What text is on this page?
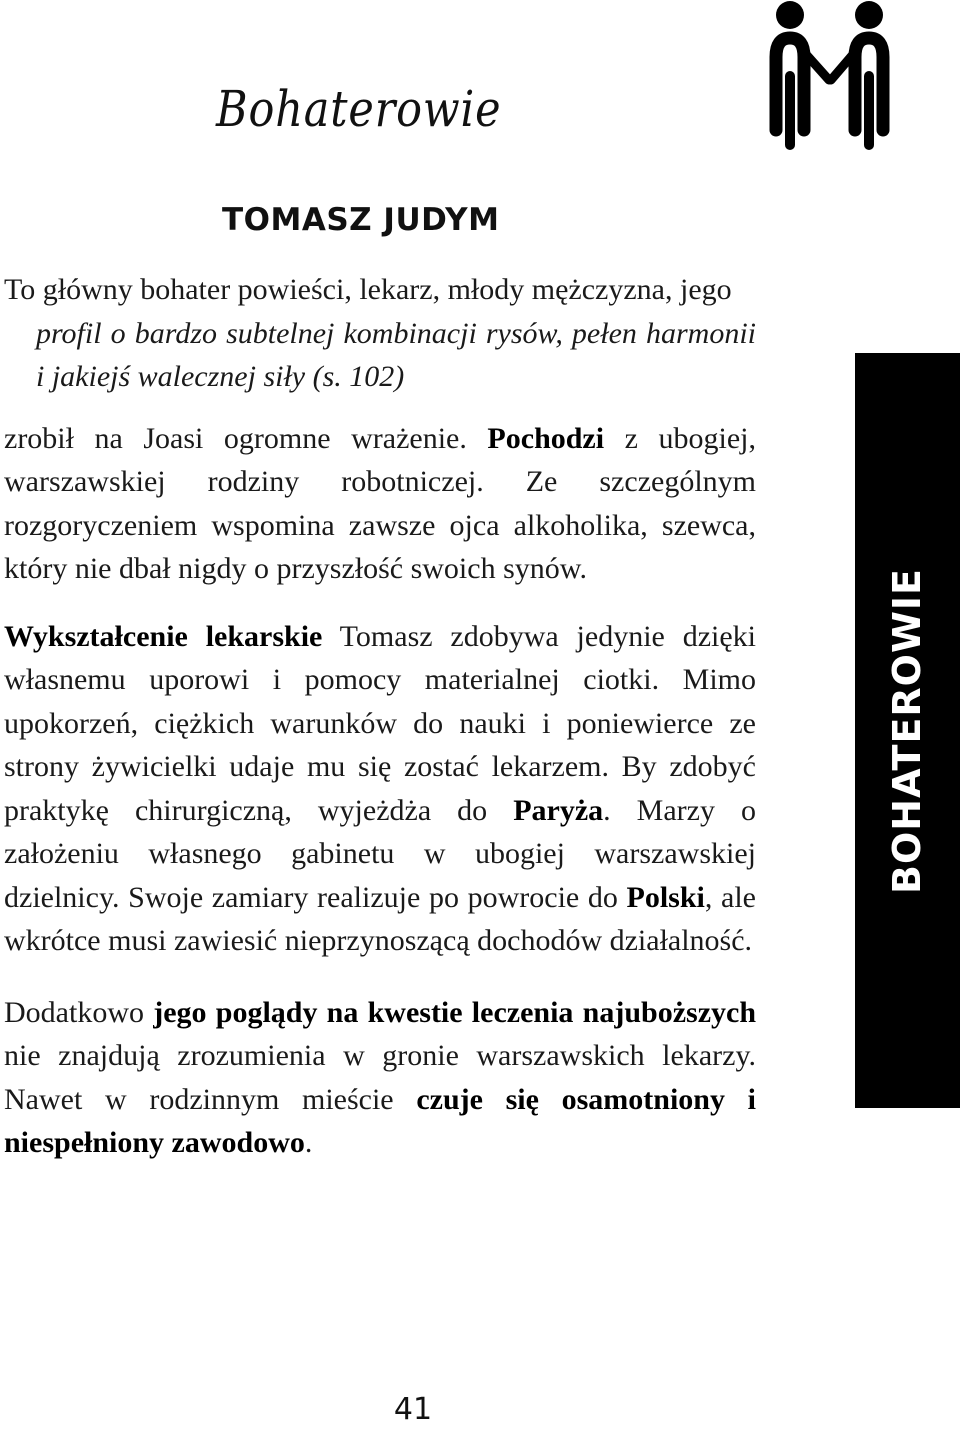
Bohaterowie
TOMASZ JUDYM

To główny bohater powieści, lekarz, młody mężczyzna, jego

profil o bardzo subtelnej kombinacji rysów, pełen harmonii i jakiejś walecznej siły (s. 102)

zrobił na Joasi ogromne wrażenie. Pochodzi z ubogiej, warszawskiej rodziny robotniczej. Ze szczególnym rozgoryczeniem wspomina zawsze ojca alkoholika, szewca, który nie dbał nigdy o przyszłość swoich synów.

Wykształcenie lekarskie Tomasz zdobywa jedynie dzięki własnemu uporowi i pomocy materialnej ciotki. Mimo upokorzeń, ciężkich warunków do nauki i poniewierce ze strony żywicielki udaje mu się zostać lekarzem. By zdobyć praktykę chirurgiczną, wyjeżdża do Paryża. Marzy o założeniu własnego gabinetu w ubogiej warszawskiej dzielnicy. Swoje zamiary realizuje po powrocie do Polski, ale wkrótce musi zawiesić nieprzynoszącą dochodów działalność.

Dodatkowo jego poglądy na kwestie leczenia najuboższych nie znajdują zrozumienia w gronie warszawskich lekarzy. Nawet w rodzinnym mieście czuje się osamotniony i niespełniony zawodowo.

BOHATEROWIE
41
